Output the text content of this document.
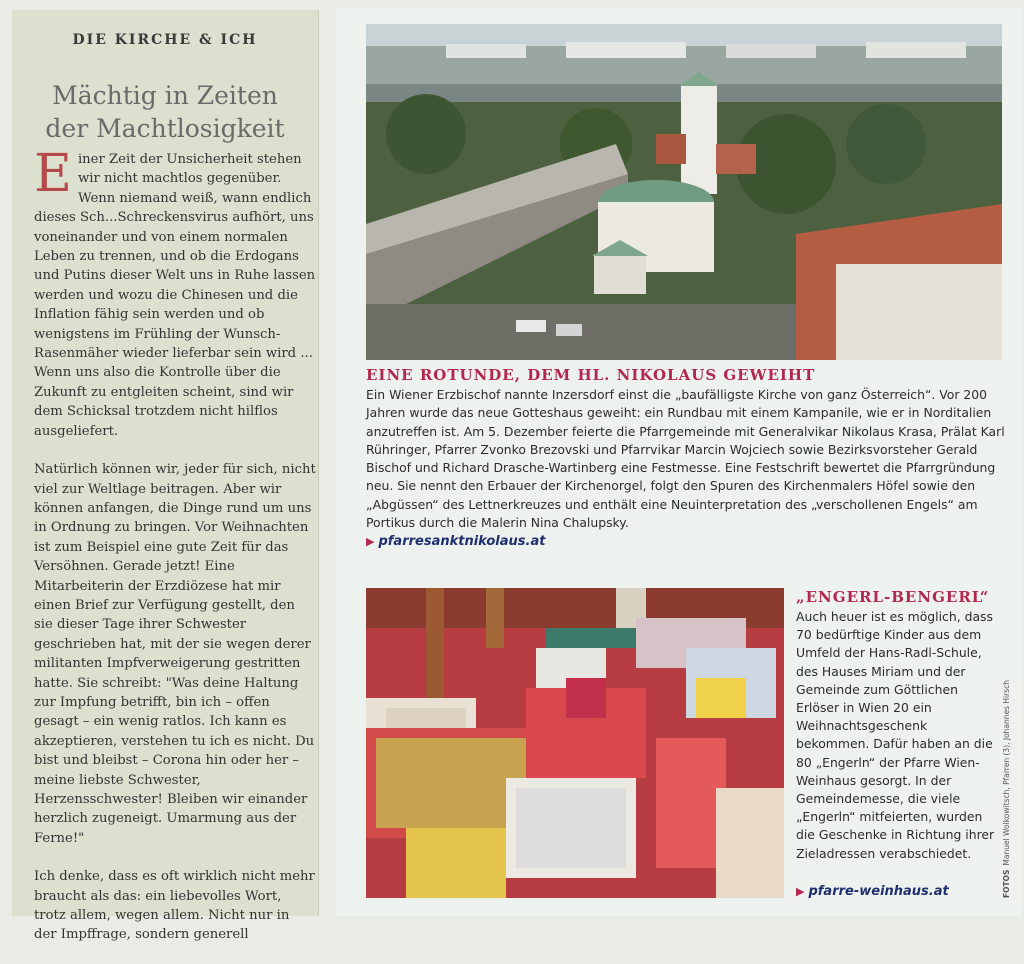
DIE KIRCHE & ICH
Mächtig in Zeiten
der Machtlosigkeit

Einer Zeit der Unsicherheit stehen wir nicht machtlos gegenüber. Wenn niemand weiß, wann endlich dieses Sch...Schreckensvirus aufhört, uns voneinander und von einem normalen Leben zu trennen, und ob die Erdogans und Putins dieser Welt uns in Ruhe lassen werden und wozu die Chinesen und die Inflation fähig sein werden und ob wenigstens im Frühling der Wunsch-Rasenmäher wieder lieferbar sein wird ... Wenn uns also die Kontrolle über die Zukunft zu entgleiten scheint, sind wir dem Schicksal trotzdem nicht hilflos ausgeliefert.

Natürlich können wir, jeder für sich, nicht viel zur Weltlage beitragen. Aber wir können anfangen, die Dinge rund um uns in Ordnung zu bringen. Vor Weihnachten ist zum Beispiel eine gute Zeit für das Versöhnen. Gerade jetzt! Eine Mitarbeiterin der Erzdiözese hat mir einen Brief zur Verfügung gestellt, den sie dieser Tage ihrer Schwester geschrieben hat, mit der sie wegen derer militanten Impfverweigerung gestritten hatte. Sie schreibt: "Was deine Haltung zur Impfung betrifft, bin ich – offen gesagt – ein wenig ratlos. Ich kann es akzeptieren, verstehen tu ich es nicht. Du bist und bleibst – Corona hin oder her – meine liebste Schwester, Herzensschwester! Bleiben wir einander herzlich zugeneigt. Umarmung aus der Ferne!"

Ich denke, dass es oft wirklich nicht mehr braucht als das: ein liebevolles Wort, trotz allem, wegen allem. Nicht nur in der Impffrage, sondern generell

EINE ROTUNDE, DEM HL. NIKOLAUS GEWEIHT
Ein Wiener Erzbischof nannte Inzersdorf einst die „baufälligste Kirche von ganz Österreich“. Vor 200 Jahren wurde das neue Gotteshaus geweiht: ein Rundbau mit einem Kampanile, wie er in Norditalien anzutreffen ist. Am 5. Dezember feierte die Pfarrgemeinde mit Generalvikar Nikolaus Krasa, Prälat Karl Rühringer, Pfarrer Zvonko Brezovski und Pfarrvikar Marcin Wojciech sowie Bezirksvorsteher Gerald Bischof und Richard Drasche-Wartinberg eine Festmesse. Eine Festschrift bewertet die Pfarrgründung neu. Sie nennt den Erbauer der Kirchenorgel, folgt den Spuren des Kirchenmalers Höfel sowie den „Abgüssen“ des Lettnerkreuzes und enthält eine Neuinterpretation des „verschollenen Engels“ am Portikus durch die Malerin Nina Chalupsky.
▶ pfarresanktnikolaus.at
„ENGERL-BENGERL“
Auch heuer ist es möglich, dass 70 bedürftige Kinder aus dem Umfeld der Hans-Radl-Schule, des Hauses Miriam und der Gemeinde zum Göttlichen Erlöser in Wien 20 ein Weihnachtsgeschenk bekommen. Dafür haben an die 80 „Engerln“ der Pfarre Wien-Weinhaus gesorgt. In der Gemeindemesse, die viele „Engerln“ mitfeierten, wurden die Geschenke in Richtung ihrer Zieladressen verabschiedet.
▶ pfarre-weinhaus.at	FOTOSManuel Wolkowitsch, Pfarren (3), Johannes Hirsch
